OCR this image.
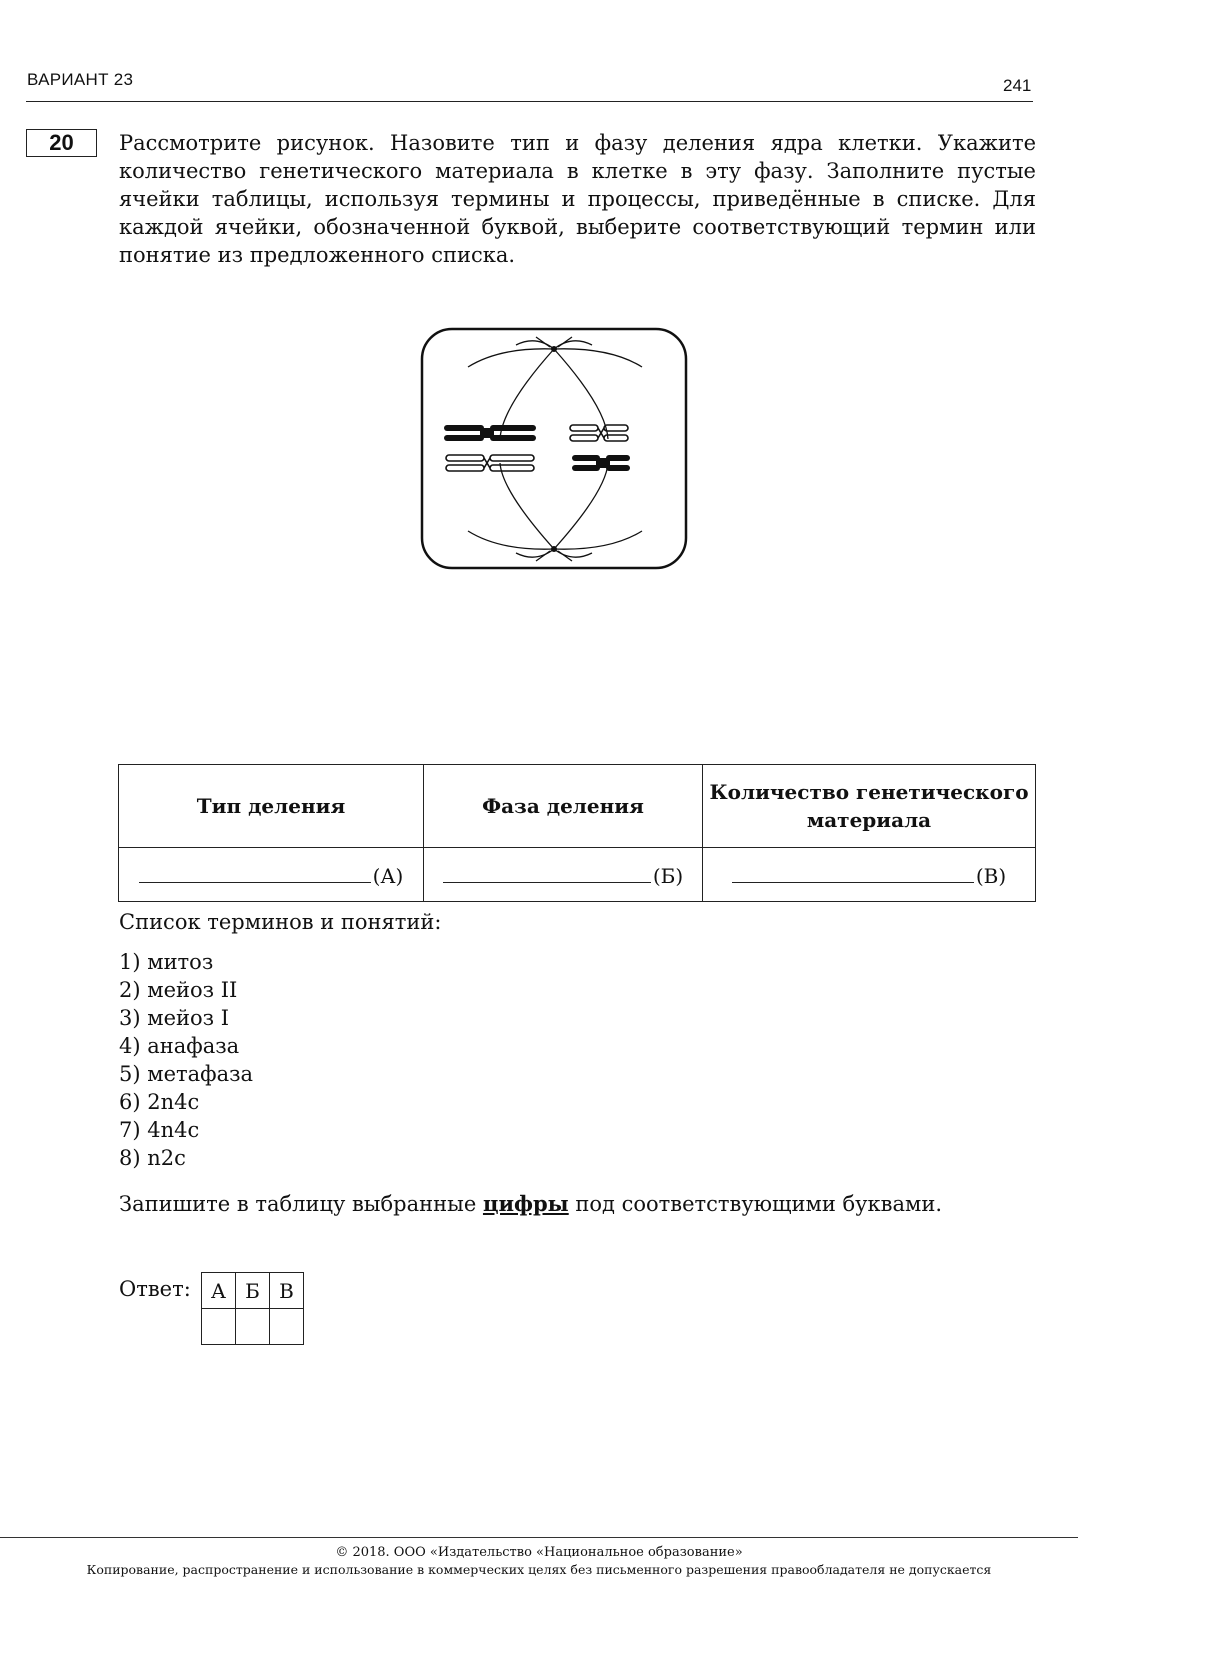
ВАРИАНТ 23	241
20	Рассмотрите рисунок. Назовите тип и фазу деления ядра клетки. Укажите количество генетического материала в клетке в эту фазу. Заполните пустые ячейки таблицы, используя термины и процессы, приведённые в списке. Для каждой ячейки, обозначенной буквой, выберите соответствующий термин или понятие из предложенного списка.

Тип деления	Фаза деления	Количество генетического материала
(А)	(Б)	(В)

Список терминов и понятий:

1) митоз
2) мейоз II
3) мейоз I
4) анафаза
5) метафаза
6) 2n4c
7) 4n4c
8) n2c

Запишите в таблицу выбранные цифры под соответствующими буквами.

Ответ: А	Б	В

© 2018. ООО «Издательство «Национальное образование»
Копирование, распространение и использование в коммерческих целях без письменного разрешения правообладателя не допускается
